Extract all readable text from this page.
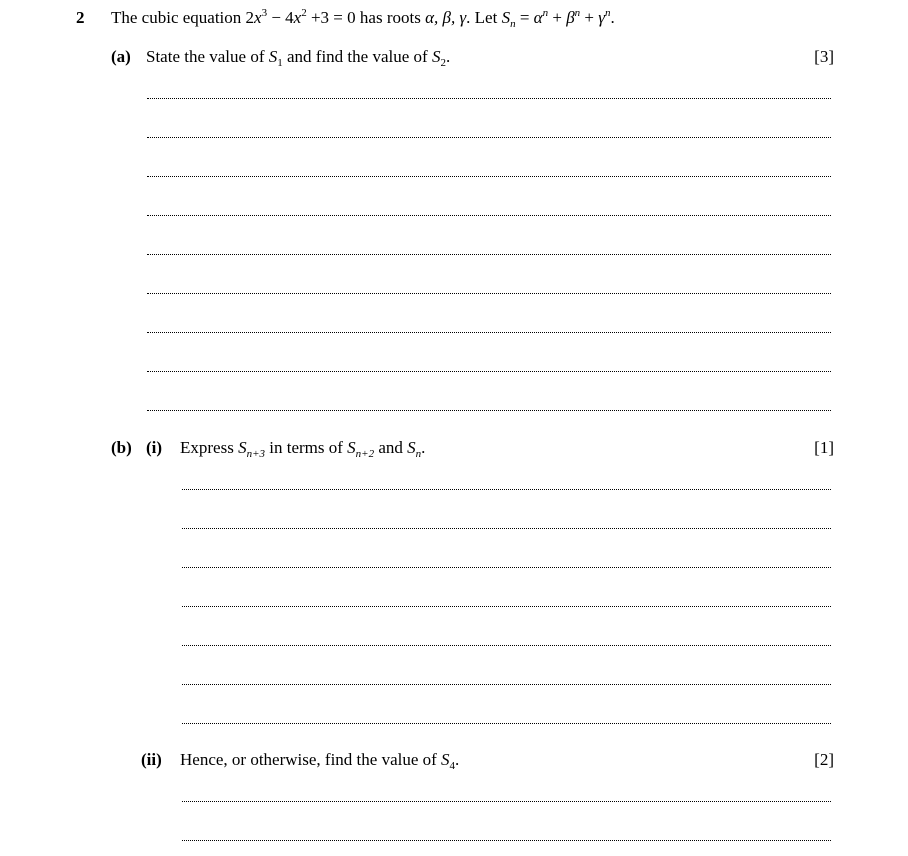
2 The cubic equation $2x^3 - 4x^2 +3 = 0$ has roots α, β, γ. Let $S_n = \alpha^n + \beta^n + \gamma^n$.
(a) State the value of $S_1$ and find the value of $S_2$.	[3]
(b) (i) Express $S_{n+3}$ in terms of $S_{n+2}$ and $S_n$.	[1]
(ii) Hence, or otherwise, find the value of $S_4$.	[2]
